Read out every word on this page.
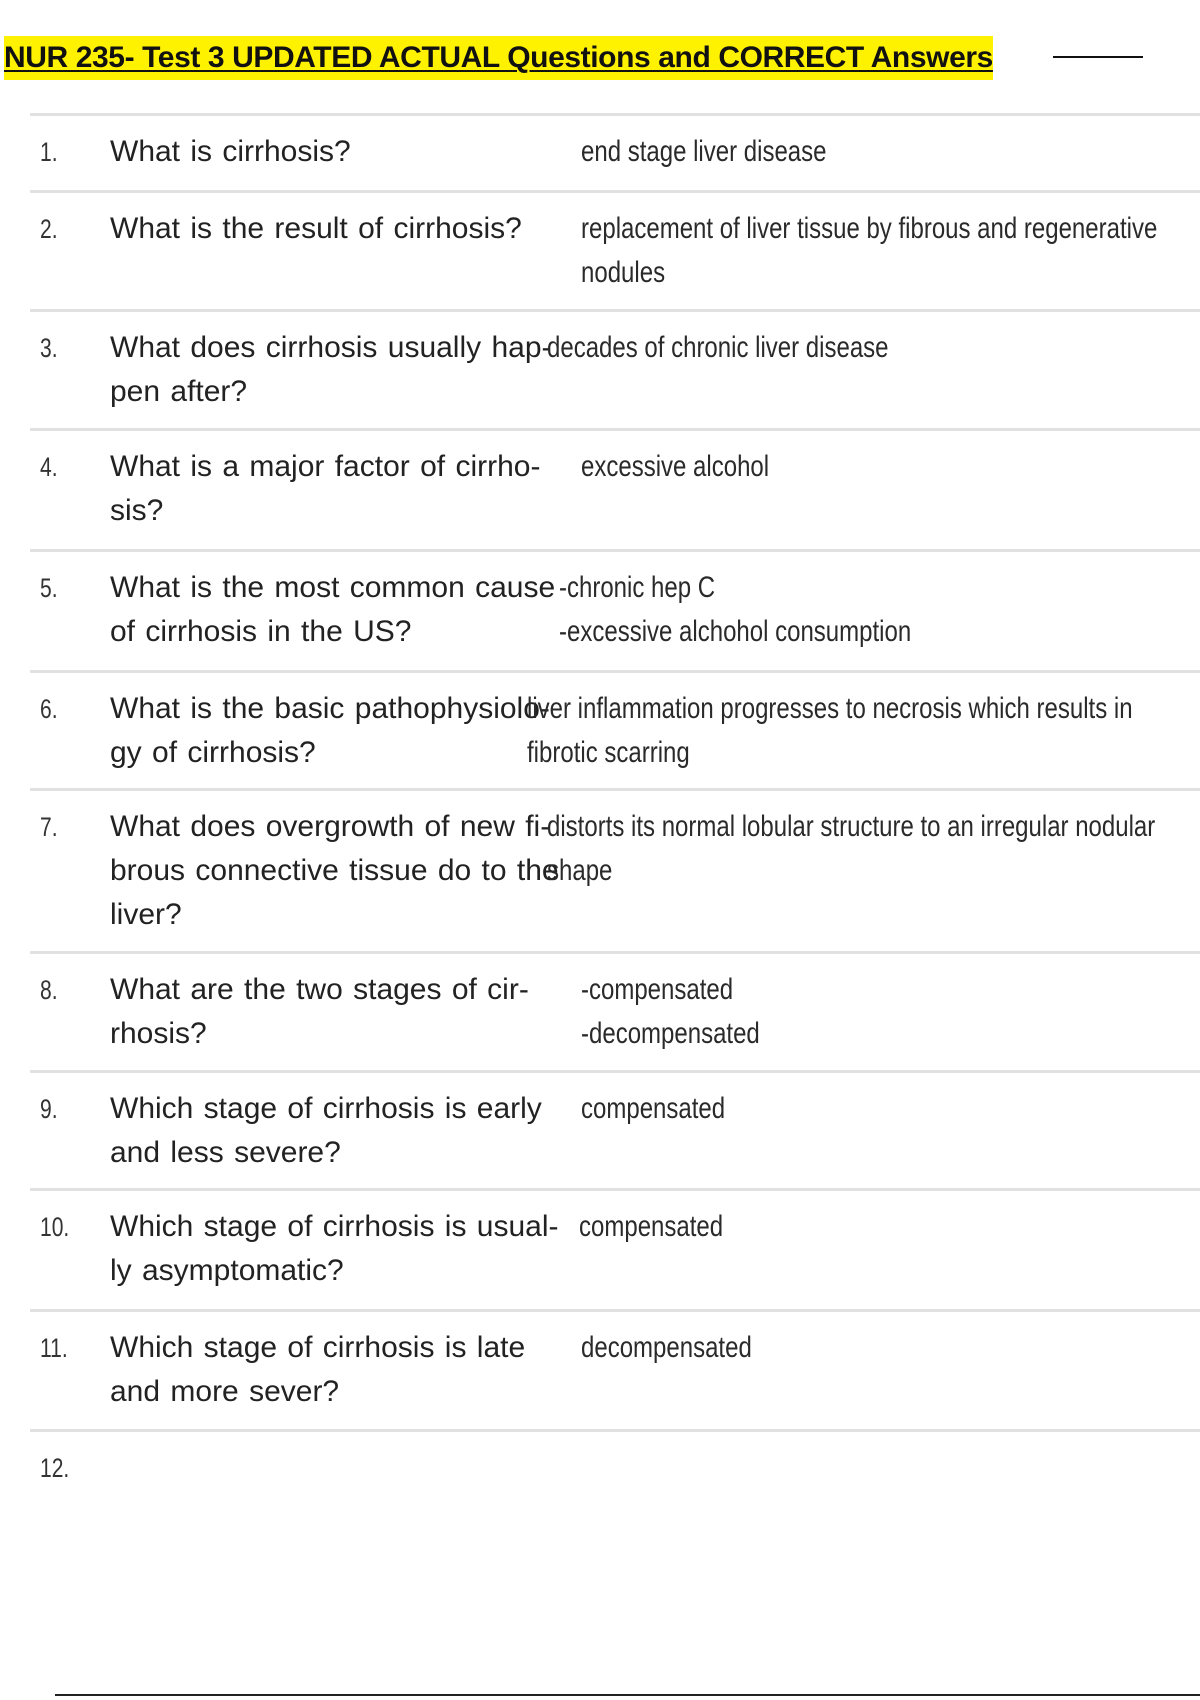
NUR 235- Test 3 UPDATED ACTUAL Questions and CORRECT Answers
1. What is cirrhosis?	end stage liver disease
2. What is the result of cirrhosis?	replacement of liver tissue by fibrous and regenerative
nodules
3. What does cirrhosis usually hap- pen after?
decades of chronic liver disease
4. What is a major factor of cirrho- sis?
excessive alcohol
5. What is the most common cause of cirrhosis in the US?
-chronic hep C
-excessive alchohol consumption
6. What is the basic pathophysiolo- gy of cirrhosis?
liver inflammation progresses to necrosis which results in
fibrotic scarring
7. What does overgrowth of new fi- brous connective tissue do to the liver?
distorts its normal lobular structure to an irregular nodular
shape
8. What are the two stages of cir- rhosis?
-compensated
-decompensated
9. Which stage of cirrhosis is early and less severe?
compensated
10. Which stage of cirrhosis is usual- ly asymptomatic?
compensated
11. Which stage of cirrhosis is late and more sever?
decompensated
12.
